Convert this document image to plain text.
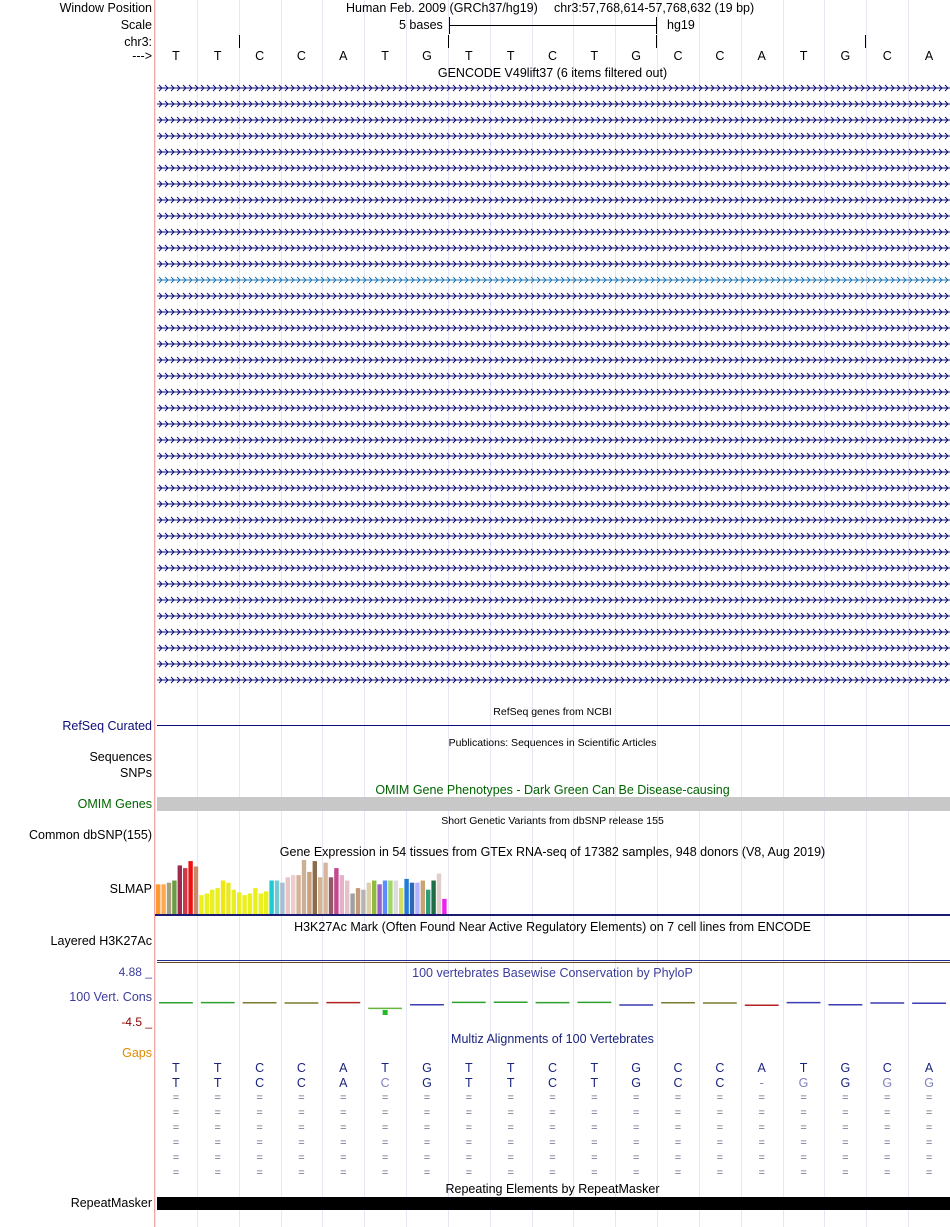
Window Position	Human Feb. 2009 (GRCh37/hg19) chr3:57,768,614-57,768,632 (19 bp)
Scale	5 bases	hg19
chr3:
--->	T	T	C	C	A	T	G	T	T	C	T	G	C	C	A	T	G	C	A
GENCODE V49lift37 (6 items filtered out)
RefSeq genes from NCBI
RefSeq Curated
Publications: Sequences in Scientific Articles
Sequences
SNPs
OMIM Gene Phenotypes - Dark Green Can Be Disease-causing
OMIM Genes
Short Genetic Variants from dbSNP release 155
Common dbSNP(155)
Gene Expression in 54 tissues from GTEx RNA-seq of 17382 samples, 948 donors (V8, Aug 2019)
SLMAP
H3K27Ac Mark (Often Found Near Active Regulatory Elements) on 7 cell lines from ENCODE
Layered H3K27Ac
4.88 _	100 vertebrates Basewise Conservation by PhyloP
100 Vert. Cons
-4.5 _
Multiz Alignments of 100 Vertebrates
Gaps
T	T	C	C	A	T	G	T	T	C	T	G	C	C	A	T	G	C	A
T	T	C	C	A	C	G	T	T	C	T	G	C	C	-	G	G	G	G
=	=	=	=	=	=	=	=	=	=	=	=	=	=	=	=	=	=	=
=	=	=	=	=	=	=	=	=	=	=	=	=	=	=	=	=	=	=
=	=	=	=	=	=	=	=	=	=	=	=	=	=	=	=	=	=	=
=	=	=	=	=	=	=	=	=	=	=	=	=	=	=	=	=	=	=
=	=	=	=	=	=	=	=	=	=	=	=	=	=	=	=	=	=	=
=	=	=	=	=	=	=	=	=	=	=	=	=	=	=	=	=	=	=
Repeating Elements by RepeatMasker
RepeatMasker
